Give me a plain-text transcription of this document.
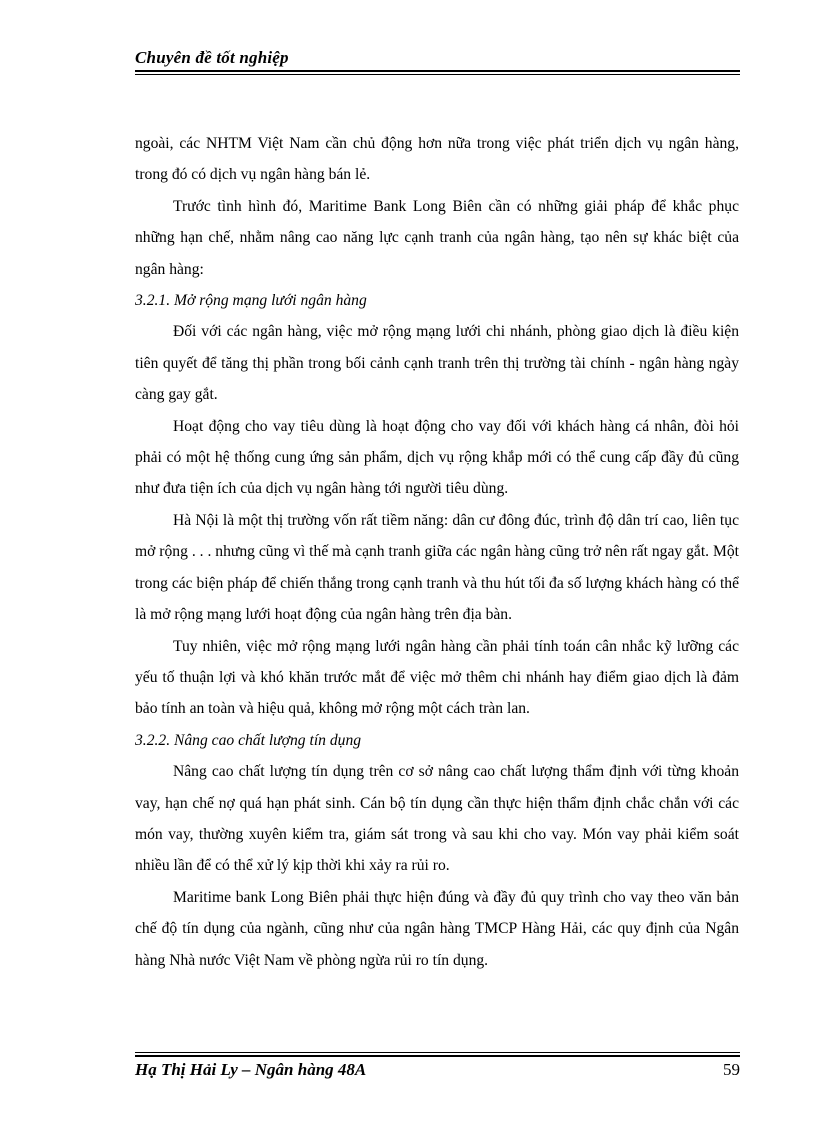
Chuyên đề tốt nghiệp

ngoài, các NHTM Việt Nam cần chủ động hơn nữa trong việc phát triển dịch vụ ngân hàng, trong đó có dịch vụ ngân hàng bán lẻ.

Trước tình hình đó, Maritime Bank Long Biên cần có những giải pháp để khắc phục những hạn chế, nhằm nâng cao năng lực cạnh tranh của ngân hàng, tạo nên sự khác biệt của ngân hàng:

3.2.1. Mở rộng mạng lưới ngân hàng

Đối với các ngân hàng, việc mở rộng mạng lưới chi nhánh, phòng giao dịch là điều kiện tiên quyết để tăng thị phần trong bối cảnh cạnh tranh trên thị trường tài chính - ngân hàng ngày càng gay gắt.

Hoạt động cho vay tiêu dùng là hoạt động cho vay đối với khách hàng cá nhân, đòi hỏi phải có một hệ thống cung ứng sản phẩm, dịch vụ rộng khắp mới có thể cung cấp đầy đủ cũng như đưa tiện ích của dịch vụ ngân hàng tới người tiêu dùng.

Hà Nội là một thị trường vốn rất tiềm năng: dân cư đông đúc, trình độ dân trí cao, liên tục mở rộng . . . nhưng cũng vì thế mà cạnh tranh giữa các ngân hàng cũng trở nên rất ngay gắt. Một trong các biện pháp để chiến thắng trong cạnh tranh và thu hút tối đa số lượng khách hàng có thể là mở rộng mạng lưới hoạt động của ngân hàng trên địa bàn.

Tuy nhiên, việc mở rộng mạng lưới ngân hàng cần phải tính toán cân nhắc kỹ lưỡng các yếu tố thuận lợi và khó khăn trước mắt để việc mở thêm chi nhánh hay điểm giao dịch là đảm bảo tính an toàn và hiệu quả, không mở rộng một cách tràn lan.

3.2.2. Nâng cao chất lượng tín dụng

Nâng cao chất lượng tín dụng trên cơ sở nâng cao chất lượng thẩm định với từng khoản vay, hạn chế nợ quá hạn phát sinh. Cán bộ tín dụng cần thực hiện thẩm định chắc chắn với các món vay, thường xuyên kiểm tra, giám sát trong và sau khi cho vay. Món vay phải kiểm soát nhiều lần để có thể xử lý kịp thời khi xảy ra rủi ro.

Maritime bank Long Biên phải thực hiện đúng và đầy đủ quy trình cho vay theo văn bản chế độ tín dụng của ngành, cũng như của ngân hàng TMCP Hàng Hải, các quy định của Ngân hàng Nhà nước Việt Nam về phòng ngừa rủi ro tín dụng.

Hạ Thị Hải Ly – Ngân hàng 48A	59
